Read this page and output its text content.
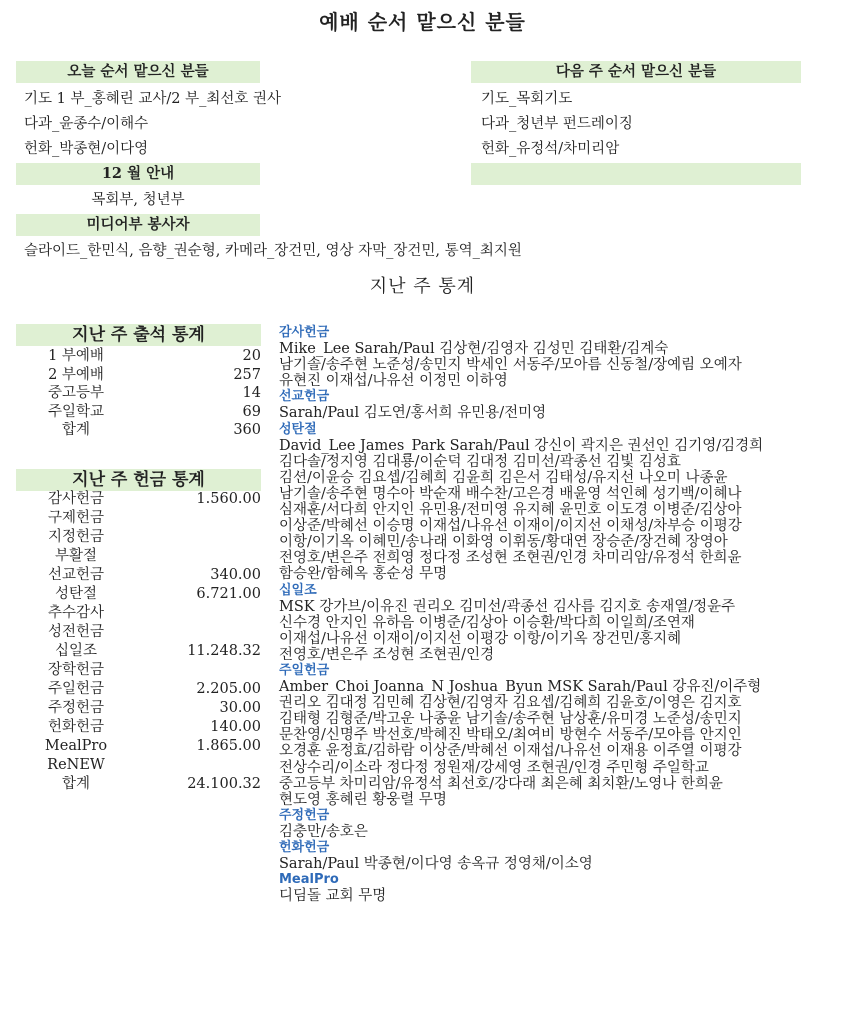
예배 순서 맡으신 분들
오늘 순서 맡으신 분들	다음 주 순서 맡으신 분들
기도 1 부_홍혜린 교사/2 부_최선호 권사
다과_윤종수/이해수
헌화_박종현/이다영
기도_목회기도
다과_청년부 펀드레이징
헌화_유정석/차미리암
12 월 안내
목회부, 청년부
미디어부 봉사자
슬라이드_한민식, 음향_권순형, 카메라_장건민, 영상 자막_장건민, 통역_최지원
지난 주 통계
지난 주 출석 통계
1 부예배	20
2 부예배	257
중고등부	14
주일학교	69
합계	360
지난 주 헌금 통계
감사헌금	1.560.00
구제헌금
지정헌금
부활절
선교헌금	340.00
성탄절	6.721.00
추수감사
성전헌금
십일조	11.248.32
장학헌금
주일헌금	2.205.00
주정헌금	30.00
헌화헌금	140.00
MealPro	1.865.00
ReNEW
합계	24.100.32
감사헌금
Mike_Lee Sarah/Paul 김상현/김영자 김성민 김태환/김계숙
남기솔/송주현 노준성/송민지 박세인 서동주/모아름 신동철/장예림 오예자
유현진 이재섭/나유선 이정민 이하영
선교헌금
Sarah/Paul 김도연/홍서희 유민용/전미영
성탄절
David_Lee James_Park Sarah/Paul 강신이 곽지은 권선인 김기영/김경희
김다솔/정지영 김대룡/이순덕 김대정 김미선/곽종선 김빛 김성효
김션/이윤승 김요셉/김혜희 김윤희 김은서 김태성/유지선 나오미 나종윤
남기솔/송주현 명수아 박순재 배수찬/고은경 배윤영 석인혜 성기백/이혜나
심재훈/서다희 안지인 유민용/전미영 유지혜 윤민호 이도경 이병준/김상아
이상준/박혜선 이승명 이재섭/나유선 이재이/이지선 이채성/차부승 이평강
이항/이기옥 이혜민/송나래 이화영 이휘동/황대연 장승준/장건혜 장영아
전영호/변은주 전희영 정다정 조성현 조현권/인경 차미리암/유정석 한희윤
함승완/함혜옥 홍순성 무명
십일조
MSK 강가브/이유진 권리오 김미선/곽종선 김사름 김지호 송재열/정윤주
신수경 안지인 유하음 이병준/김상아 이승환/박다희 이일희/조연재
이재섭/나유선 이재이/이지선 이평강 이항/이기옥 장건민/홍지혜
전영호/변은주 조성현 조현권/인경
주일헌금
Amber_Choi Joanna_N Joshua_Byun MSK Sarah/Paul 강유진/이주형
권리오 김대정 김민혜 김상현/김영자 김요셉/김혜희 김윤호/이영은 김지호
김태형 김형준/박고운 나종윤 남기솔/송주현 남상훈/유미경 노준성/송민지
문찬영/신명주 박선호/박혜진 박태오/최여비 방현수 서동주/모아름 안지인
오경훈 윤정효/김하람 이상준/박혜선 이재섭/나유선 이재용 이주열 이평강
전상수리/이소라 정다정 정원재/강세영 조현권/인경 주민형 주일학교
중고등부 차미리암/유정석 최선호/강다래 최은혜 최치환/노영나 한희윤
현도영 홍혜린 황웅렬 무명
주정헌금
김충만/송호은
헌화헌금
Sarah/Paul 박종현/이다영 송옥규 정영채/이소영
MealPro
디딤돌 교회 무명
